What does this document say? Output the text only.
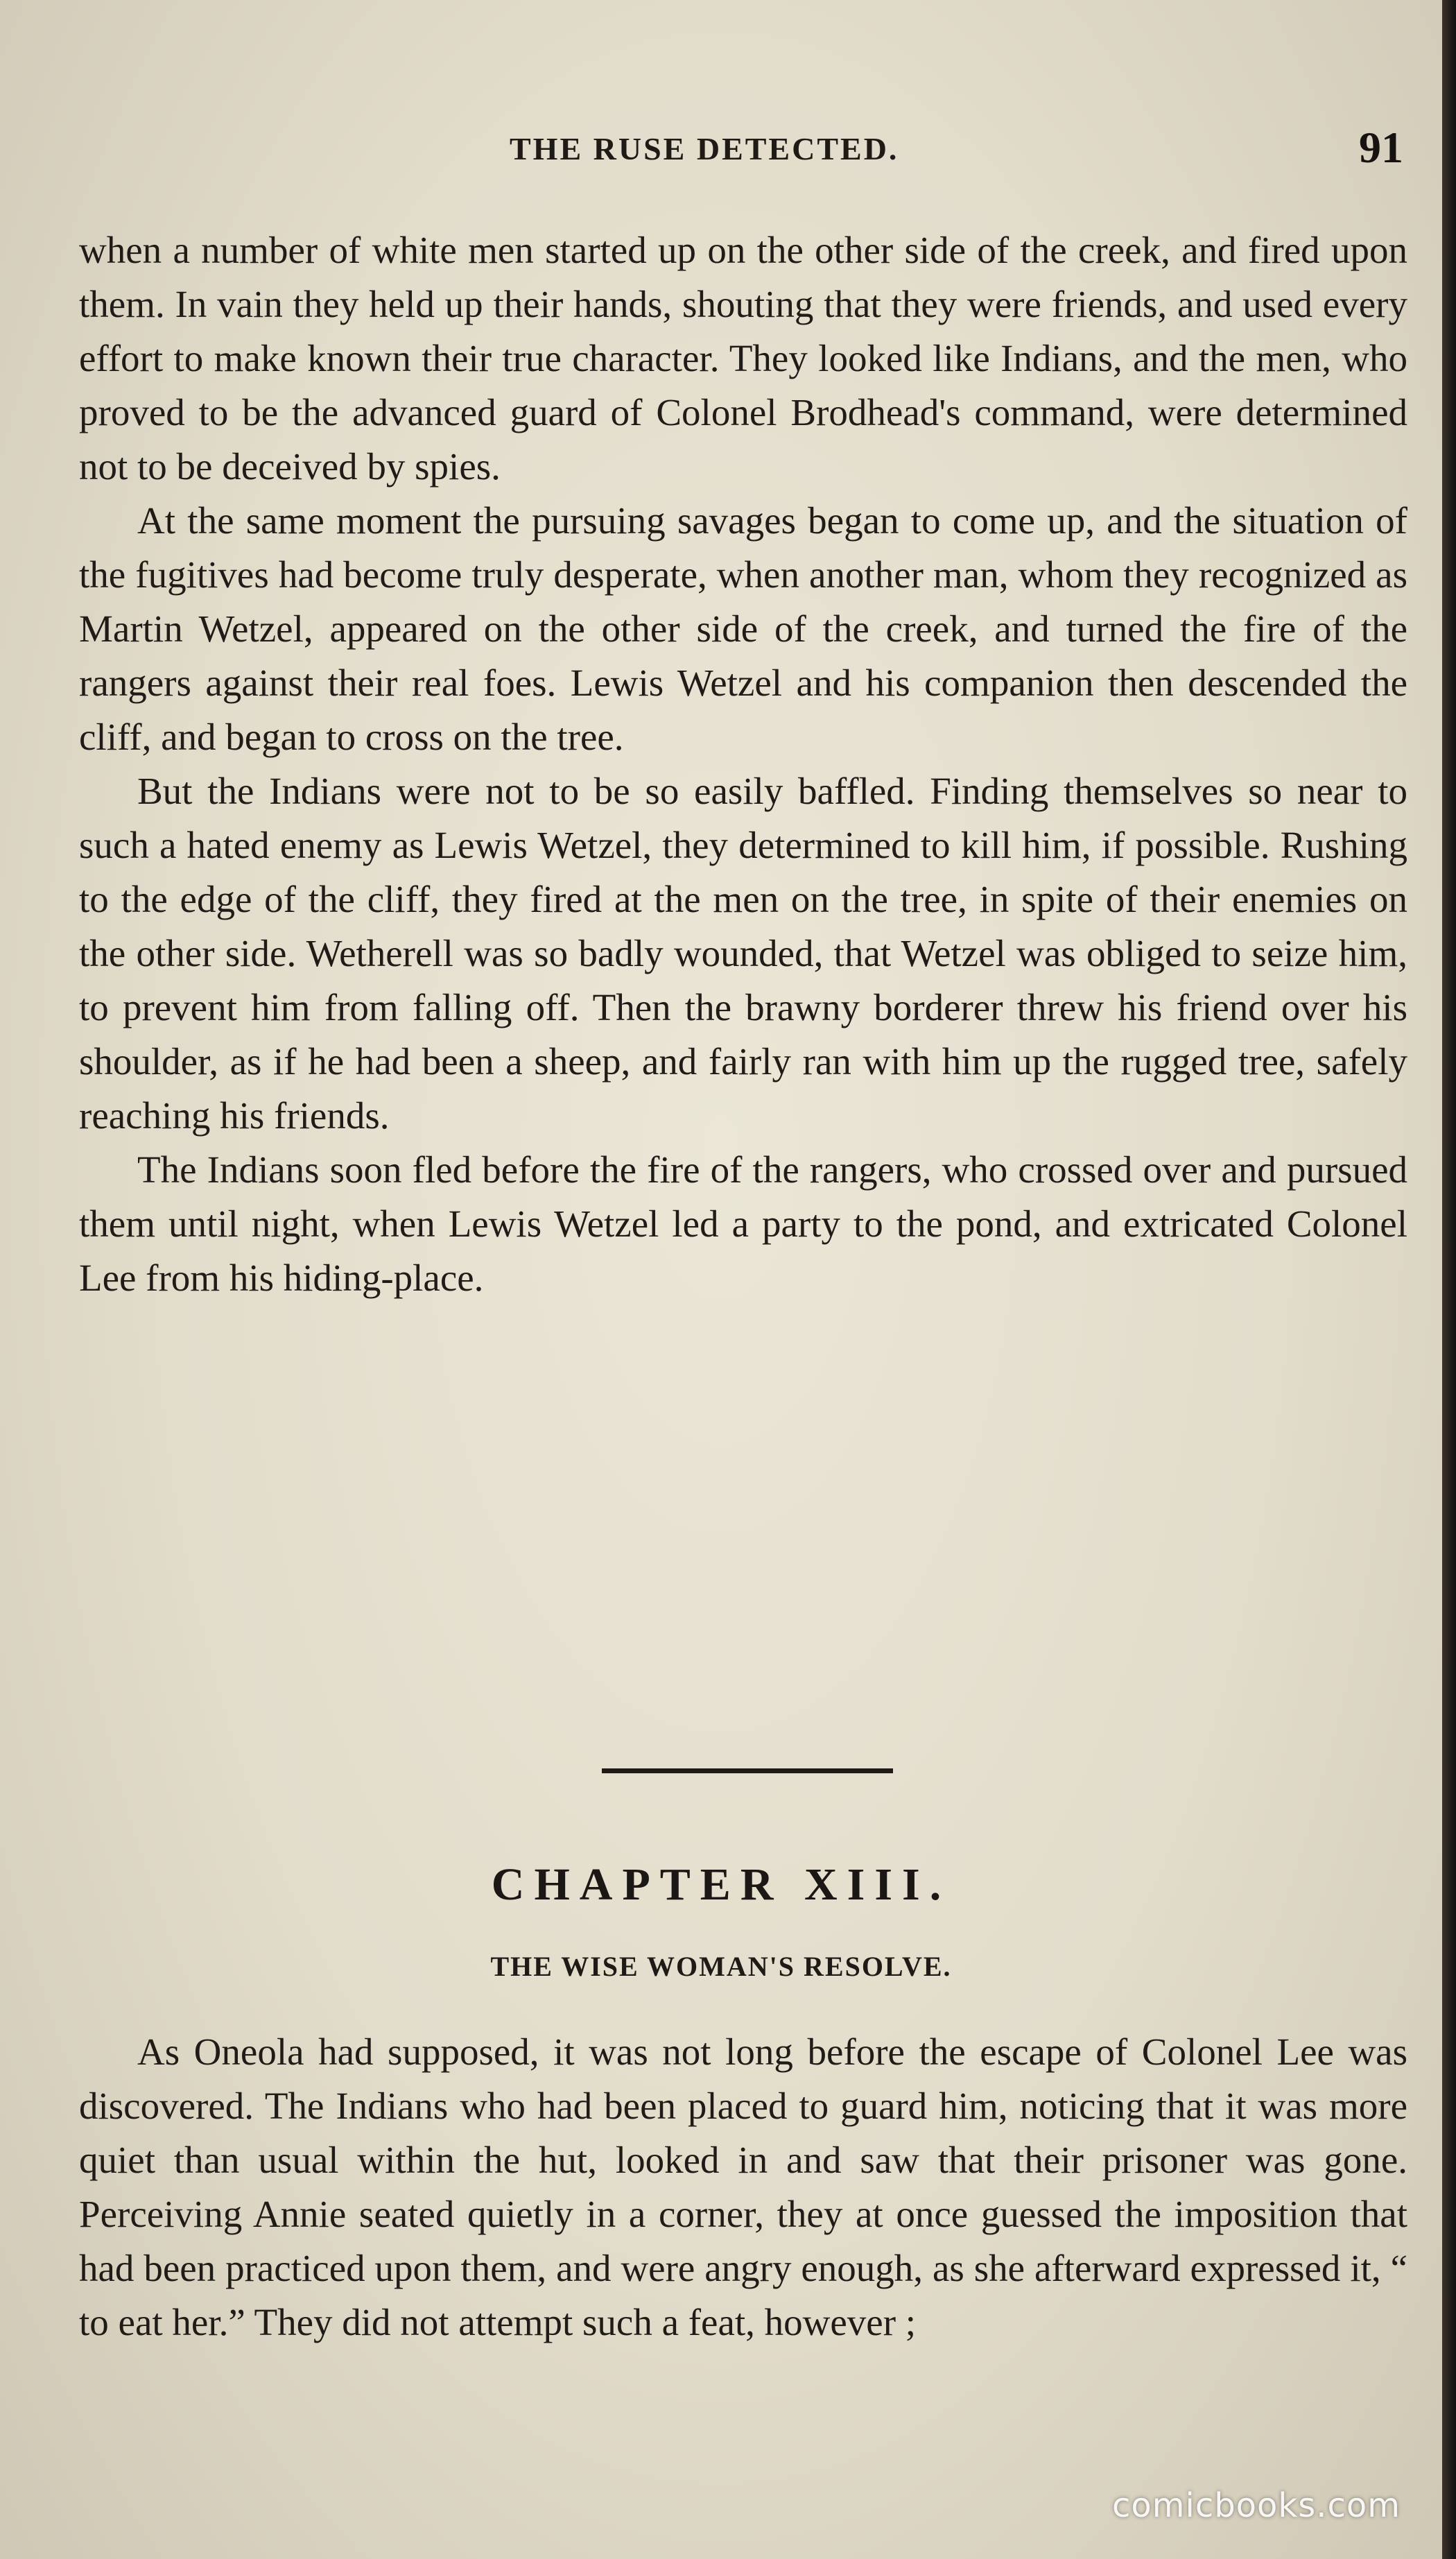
THE RUSE DETECTED.	91

when a number of white men started up on the other side of the creek, and fired upon them. In vain they held up their hands, shouting that they were friends, and used every effort to make known their true character. They looked like Indians, and the men, who proved to be the advanced guard of Colonel Brodhead's command, were determined not to be deceived by spies.

At the same moment the pursuing savages began to come up, and the situation of the fugitives had become truly desperate, when another man, whom they recognized as Martin Wetzel, appeared on the other side of the creek, and turned the fire of the rangers against their real foes. Lewis Wetzel and his companion then descended the cliff, and began to cross on the tree.

But the Indians were not to be so easily baffled. Finding themselves so near to such a hated enemy as Lewis Wetzel, they determined to kill him, if possible. Rushing to the edge of the cliff, they fired at the men on the tree, in spite of their enemies on the other side. Wetherell was so badly wounded, that Wetzel was obliged to seize him, to prevent him from falling off. Then the brawny borderer threw his friend over his shoulder, as if he had been a sheep, and fairly ran with him up the rugged tree, safely reaching his friends.

The Indians soon fled before the fire of the rangers, who crossed over and pursued them until night, when Lewis Wetzel led a party to the pond, and extricated Colonel Lee from his hiding-place.

CHAPTER XIII.
THE WISE WOMAN'S RESOLVE.

As Oneola had supposed, it was not long before the escape of Colonel Lee was discovered. The Indians who had been placed to guard him, noticing that it was more quiet than usual within the hut, looked in and saw that their prisoner was gone. Perceiving Annie seated quietly in a corner, they at once guessed the imposition that had been practiced upon them, and were angry enough, as she afterward expressed it, “ to eat her.” They did not attempt such a feat, however ;

comicbooks.com
